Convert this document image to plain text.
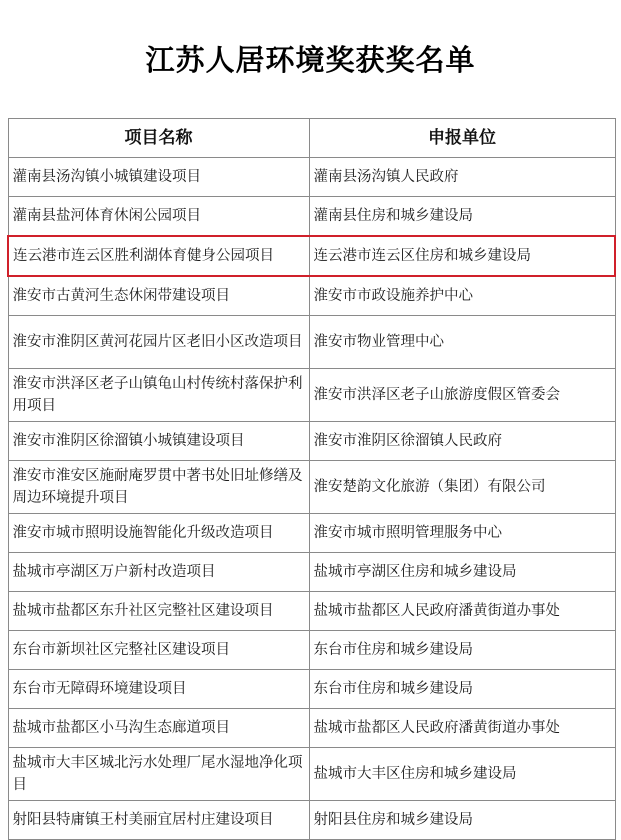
江苏人居环境奖获奖名单
项目名称	申报单位

灌南县汤沟镇小城镇建设项目	灌南县汤沟镇人民政府

灌南县盐河体育休闲公园项目	灌南县住房和城乡建设局

连云港市连云区胜利湖体育健身公园项目	连云港市连云区住房和城乡建设局

淮安市古黄河生态休闲带建设项目	淮安市市政设施养护中心

淮安市淮阴区黄河花园片区老旧小区改造项目	淮安市物业管理中心

淮安市洪泽区老子山镇龟山村传统村落保护利用项目	淮安市洪泽区老子山旅游度假区管委会

淮安市淮阴区徐溜镇小城镇建设项目	淮安市淮阴区徐溜镇人民政府

淮安市淮安区施耐庵罗贯中著书处旧址修缮及周边环境提升项目	淮安楚韵文化旅游（集团）有限公司

淮安市城市照明设施智能化升级改造项目	淮安市城市照明管理服务中心

盐城市亭湖区万户新村改造项目	盐城市亭湖区住房和城乡建设局

盐城市盐都区东升社区完整社区建设项目	盐城市盐都区人民政府潘黄街道办事处

东台市新坝社区完整社区建设项目	东台市住房和城乡建设局

东台市无障碍环境建设项目	东台市住房和城乡建设局

盐城市盐都区小马沟生态廊道项目	盐城市盐都区人民政府潘黄街道办事处

盐城市大丰区城北污水处理厂尾水湿地净化项目	盐城市大丰区住房和城乡建设局

射阳县特庸镇王村美丽宜居村庄建设项目	射阳县住房和城乡建设局
